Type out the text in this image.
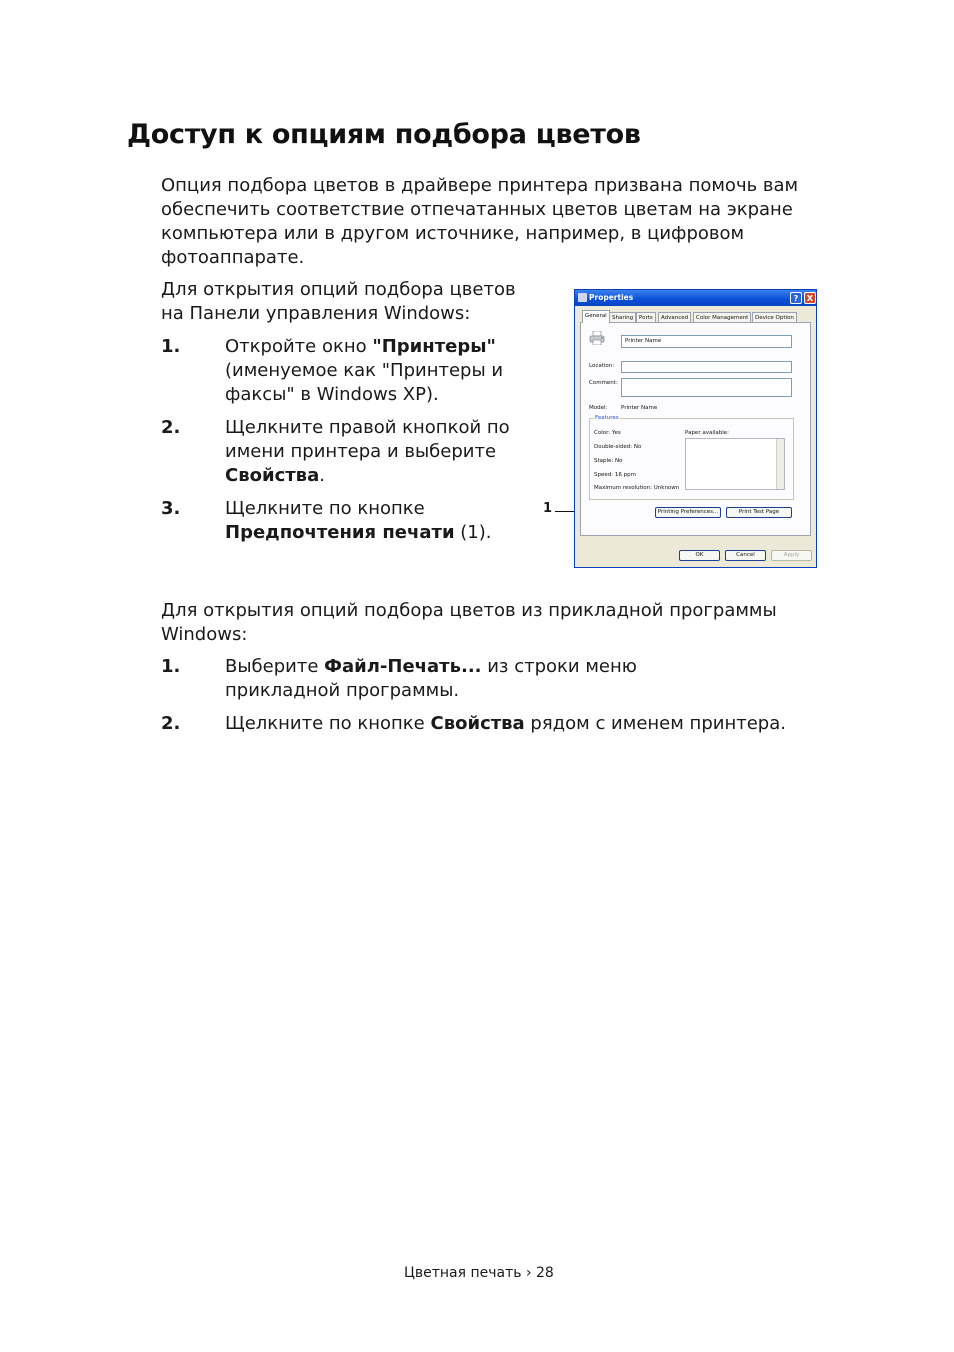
Доступ к опциям подбора цветов

Опция подбора цветов в драйвере принтера призвана помочь вам обеспечить соответствие отпечатанных цветов цветам на экране компьютера или в другом источнике, например, в цифровом фотоаппарате.

Для открытия опций подбора цветов на Панели управления Windows:

1. Откройте окно "Принтеры" (именуемое как "Принтеры и факсы" в Windows XP).
2. Щелкните правой кнопкой по имени принтера и выберите Свойства.
3. Щелкните по кнопке Предпочтения печати (1).
1
Properties	?	X
General Sharing	Ports	Advanced	Color Management	Device Option
Printer Name
Location:
Comment:
Model: Printer Name
Features
Color: Yes
Double-sided: No
Staple: No
Speed: 16 ppm
Maximum resolution: Unknown
Paper available:
Printing Preferences...	Print Test Page
OK	Cancel	Apply

Для открытия опций подбора цветов из прикладной программы Windows:

1. Выберите Файл-Печать... из строки меню прикладной программы.
2. Щелкните по кнопке Свойства рядом с именем принтера.
Цветная печать › 28
